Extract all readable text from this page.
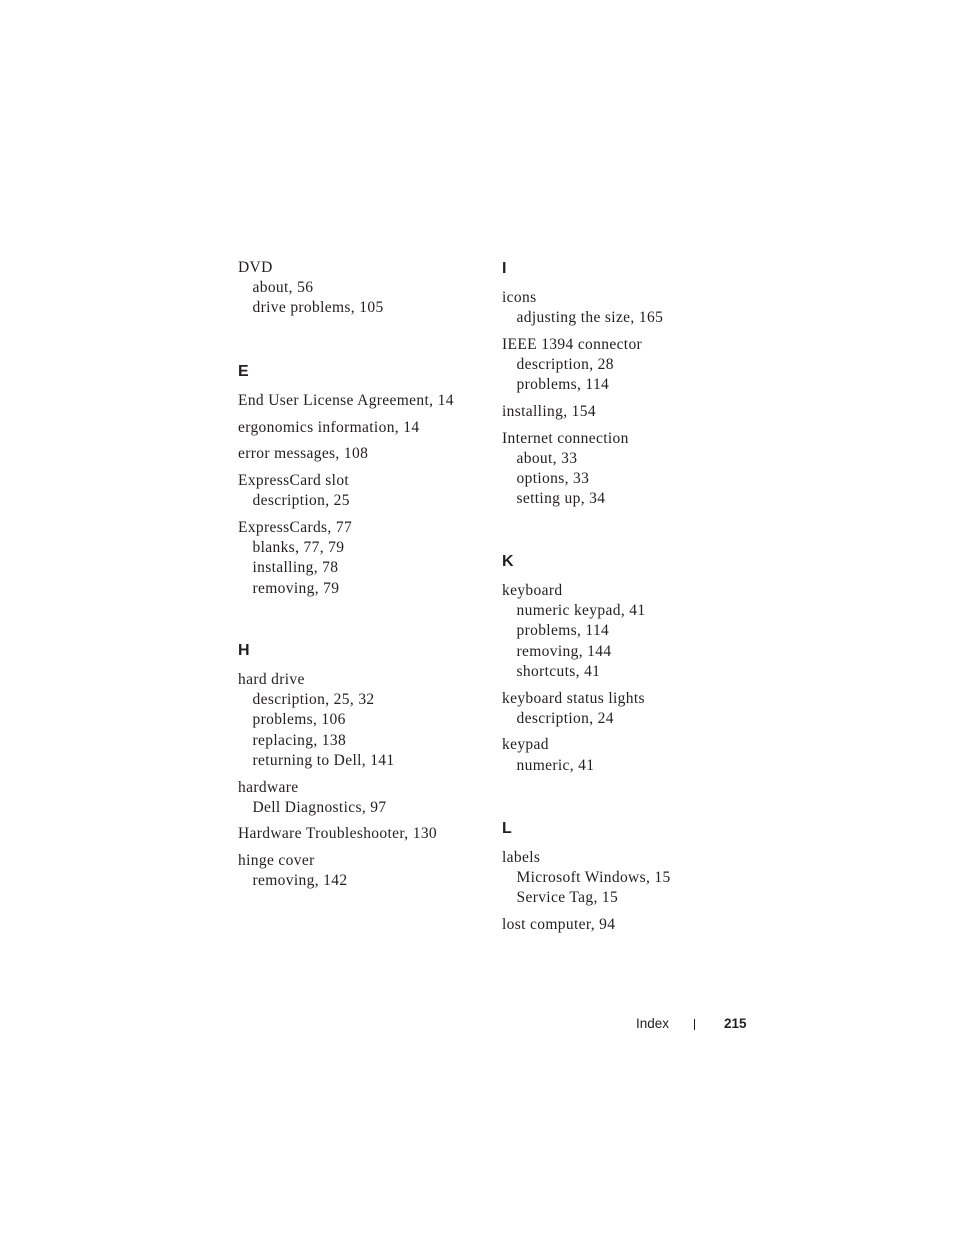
DVD
about, 56
drive problems, 105
E
End User License Agreement, 14
ergonomics information, 14
error messages, 108
ExpressCard slot
description, 25
ExpressCards, 77
blanks, 77, 79
installing, 78
removing, 79
H
hard drive
description, 25, 32
problems, 106
replacing, 138
returning to Dell, 141
hardware
Dell Diagnostics, 97
Hardware Troubleshooter, 130
hinge cover
removing, 142
I
icons
adjusting the size, 165
IEEE 1394 connector
description, 28
problems, 114
installing, 154
Internet connection
about, 33
options, 33
setting up, 34
K
keyboard
numeric keypad, 41
problems, 114
removing, 144
shortcuts, 41
keyboard status lights
description, 24
keypad
numeric, 41
L
labels
Microsoft Windows, 15
Service Tag, 15
lost computer, 94
Index	215
